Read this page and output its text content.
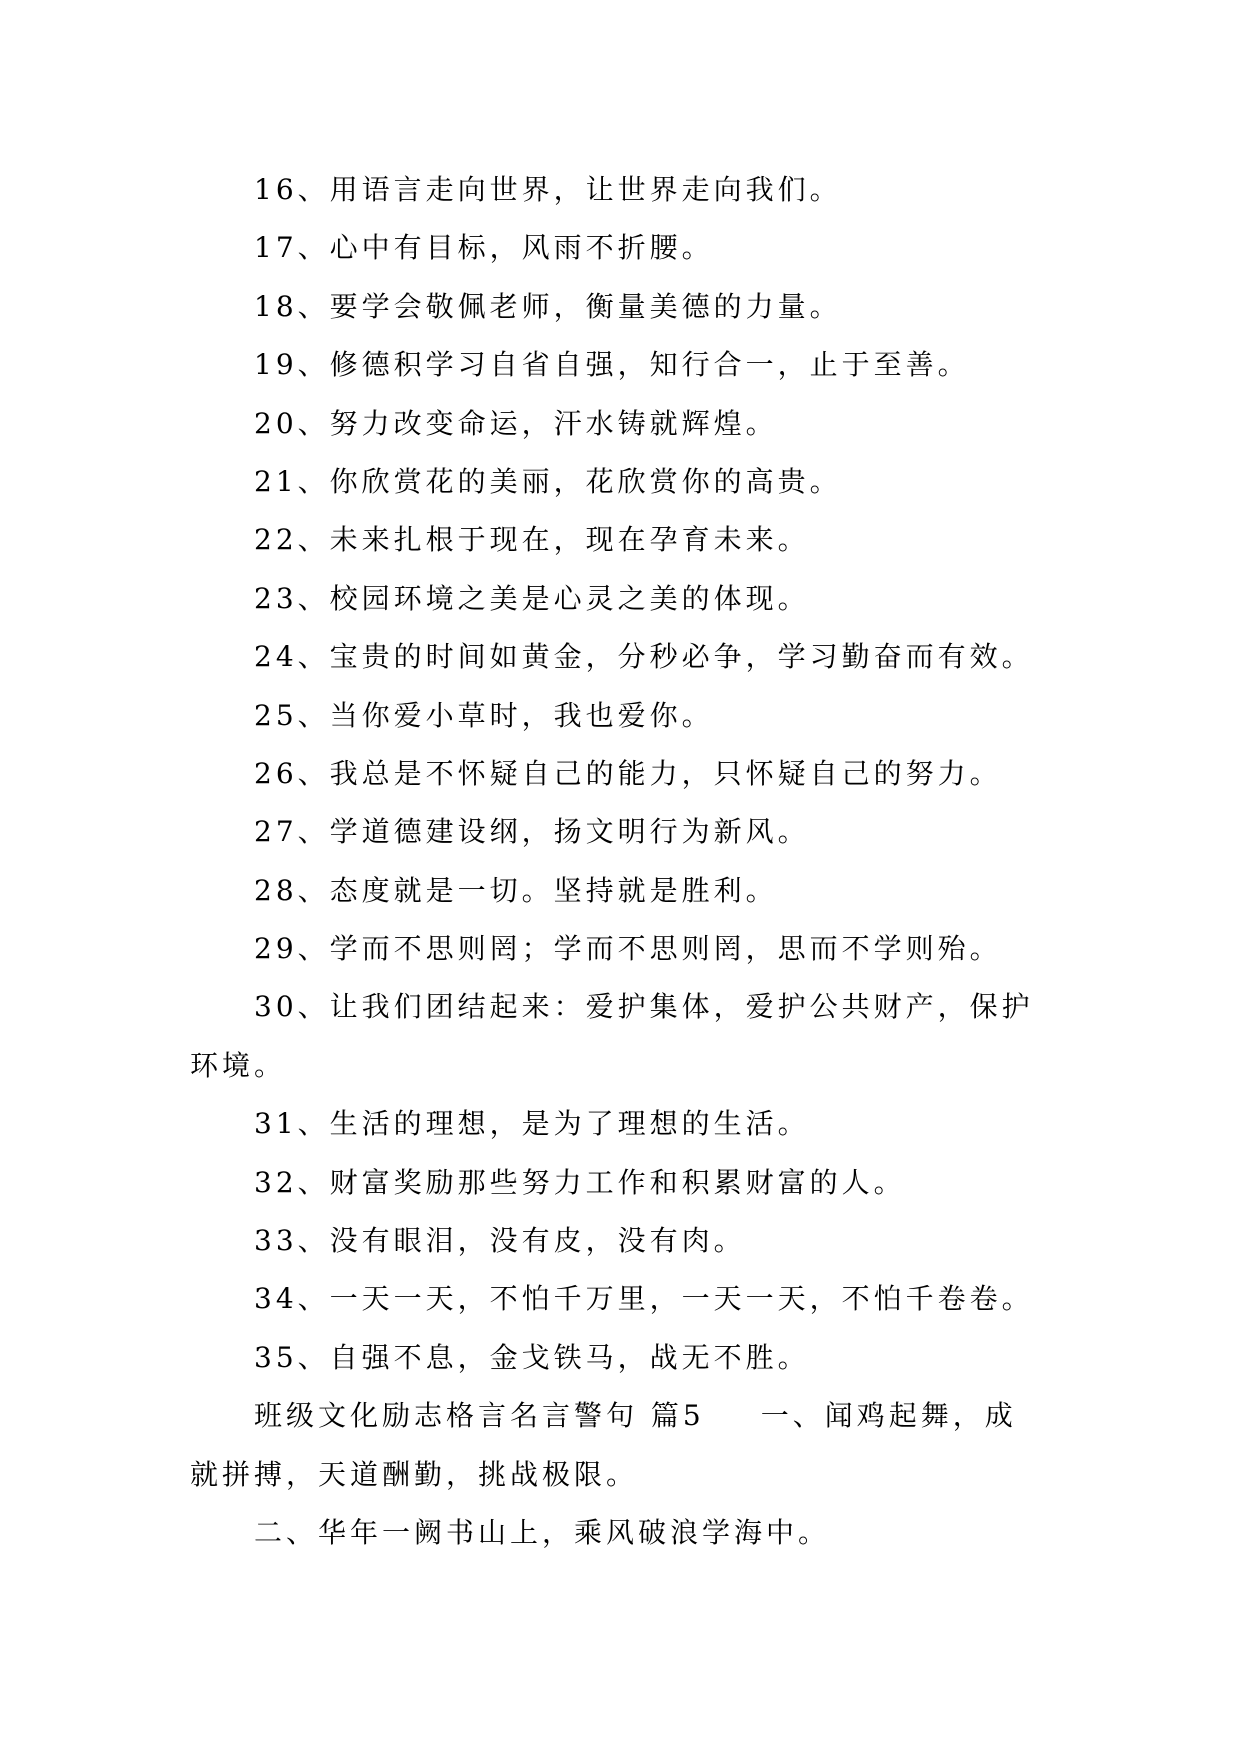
16、用语言走向世界，让世界走向我们。
17、心中有目标，风雨不折腰。
18、要学会敬佩老师，衡量美德的力量。
19、修德积学习自省自强，知行合一，止于至善。
20、努力改变命运，汗水铸就辉煌。
21、你欣赏花的美丽，花欣赏你的高贵。
22、未来扎根于现在，现在孕育未来。
23、校园环境之美是心灵之美的体现。
24、宝贵的时间如黄金，分秒必争，学习勤奋而有效。
25、当你爱小草时，我也爱你。
26、我总是不怀疑自己的能力，只怀疑自己的努力。
27、学道德建设纲，扬文明行为新风。
28、态度就是一切。坚持就是胜利。
29、学而不思则罔；学而不思则罔，思而不学则殆。
30、让我们团结起来：爱护集体，爱护公共财产，保护
环境。
31、生活的理想，是为了理想的生活。
32、财富奖励那些努力工作和积累财富的人。
33、没有眼泪，没有皮，没有肉。
34、一天一天，不怕千万里，一天一天，不怕千卷卷。
35、自强不息，金戈铁马，战无不胜。
班级文化励志格言名言警句 篇5 一、闻鸡起舞，成
就拼搏，天道酬勤，挑战极限。
二、华年一阙书山上，乘风破浪学海中。
